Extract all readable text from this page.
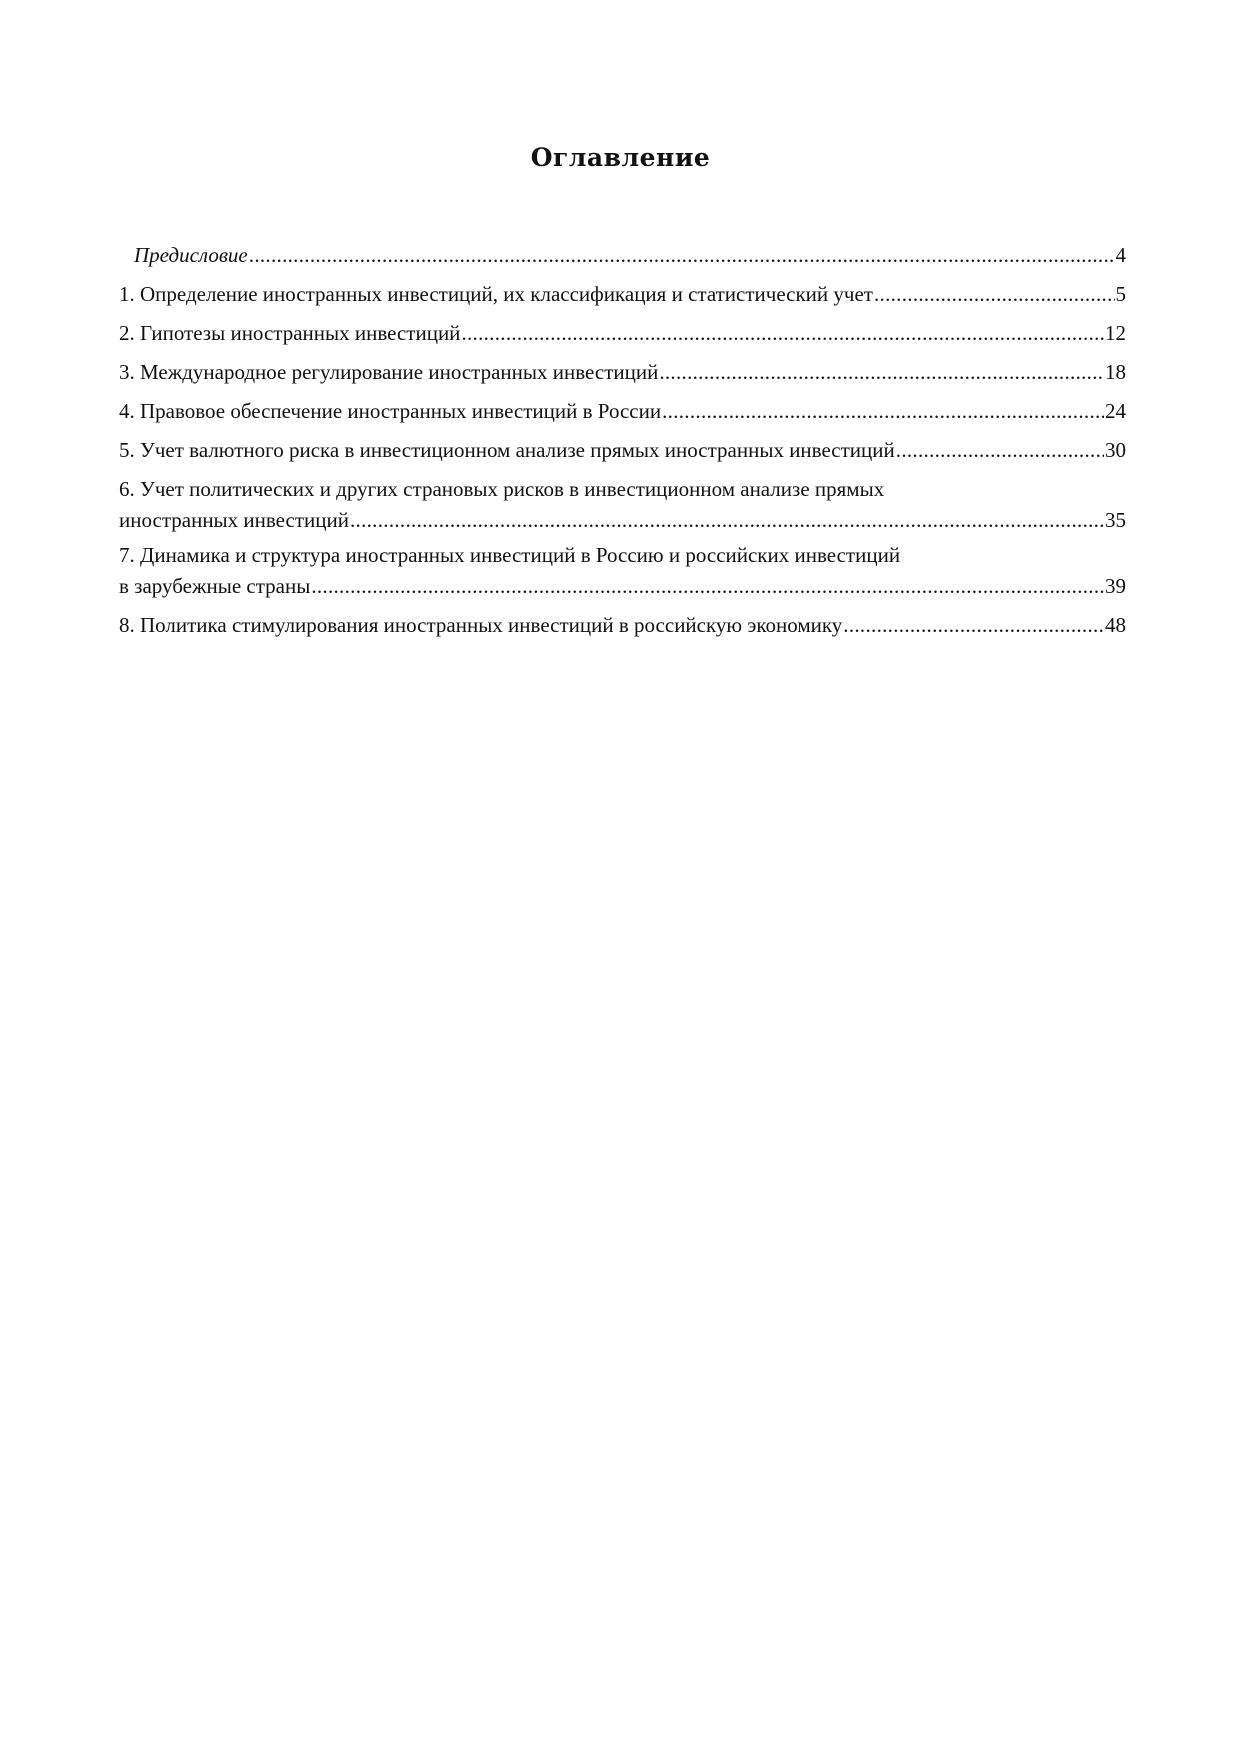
Оглавление
Предисловие .....	4
1. Определение иностранных инвестиций, их классификация и статистический учет .....	5
2. Гипотезы иностранных инвестиций .....	12
3. Международное регулирование иностранных инвестиций .....	18
4. Правовое обеспечение иностранных инвестиций в России .....	24
5. Учет валютного риска в инвестиционном анализе прямых иностранных инвестиций .....	30
6. Учет политических и других страновых рисков в инвестиционном анализе прямых
иностранных инвестиций .....	35
7. Динамика и структура иностранных инвестиций в Россию и российских инвестиций
в зарубежные страны .....	39
8. Политика стимулирования иностранных инвестиций в российскую экономику .....	48
